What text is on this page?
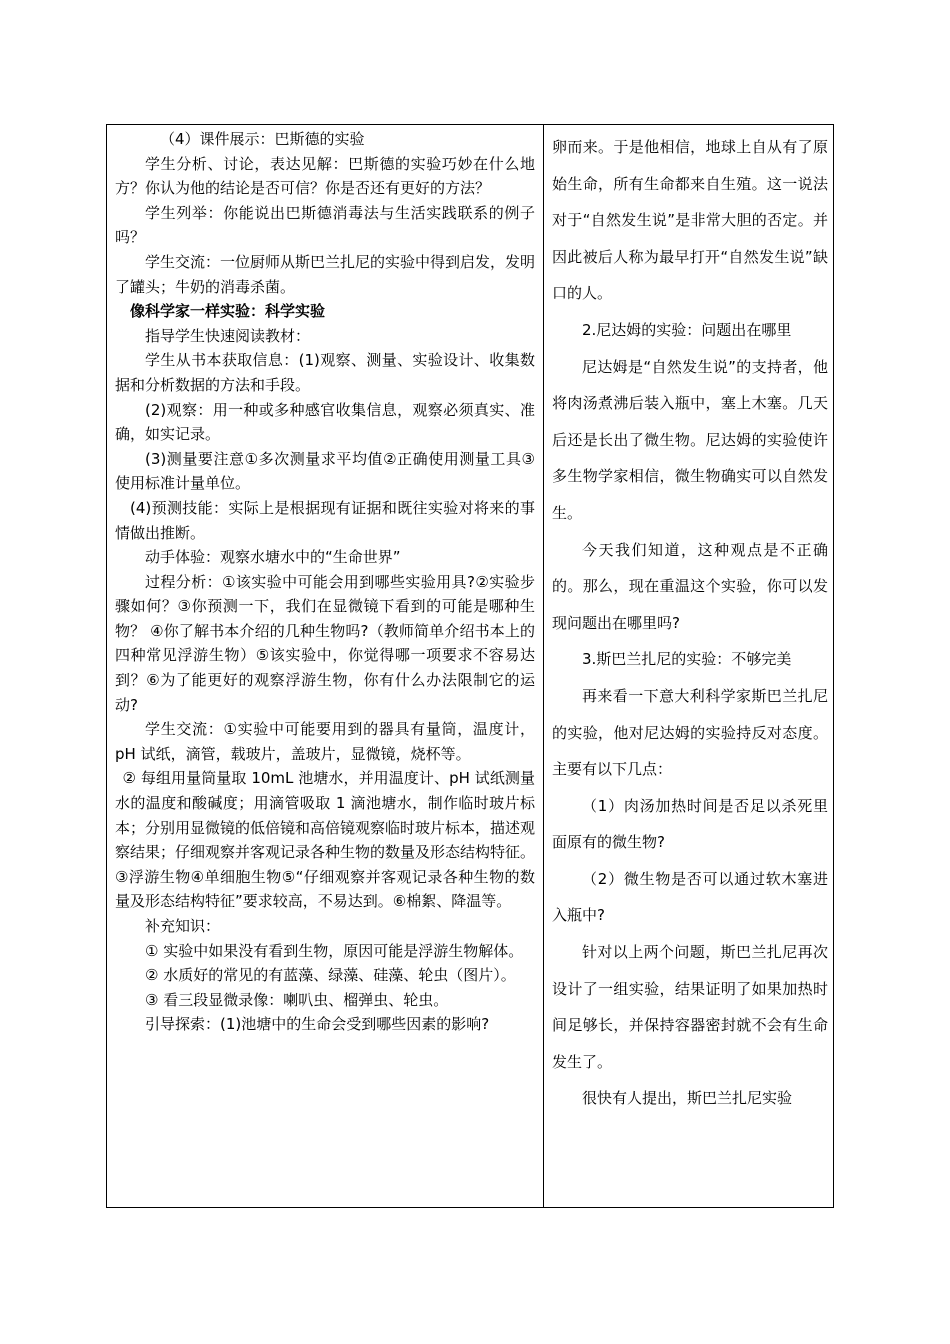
（4）课件展示：巴斯德的实验

学生分析、讨论，表达见解：巴斯德的实验巧妙在什么地方？你认为他的结论是否可信？你是否还有更好的方法？

学生列举：你能说出巴斯德消毒法与生活实践联系的例子吗？

学生交流：一位厨师从斯巴兰扎尼的实验中得到启发，发明了罐头；牛奶的消毒杀菌。

像科学家一样实验：科学实验

指导学生快速阅读教材：

学生从书本获取信息：(1)观察、测量、实验设计、收集数据和分析数据的方法和手段。

(2)观察：用一种或多种感官收集信息，观察必须真实、准确，如实记录。

(3)测量要注意①多次测量求平均值②正确使用测量工具③使用标准计量单位。

(4)预测技能：实际上是根据现有证据和既往实验对将来的事情做出推断。

动手体验：观察水塘水中的“生命世界”

过程分析：①该实验中可能会用到哪些实验用具?②实验步骤如何？③你预测一下，我们在显微镜下看到的可能是哪种生物？ ④你了解书本介绍的几种生物吗?（教师简单介绍书本上的四种常见浮游生物）⑤该实验中，你觉得哪一项要求不容易达到？⑥为了能更好的观察浮游生物，你有什么办法限制它的运动?

学生交流：①实验中可能要用到的器具有量筒，温度计，pH 试纸，滴管，载玻片，盖玻片，显微镜，烧杯等。

② 每组用量筒量取 10mL 池塘水，并用温度计、pH 试纸测量水的温度和酸碱度；用滴管吸取 1 滴池塘水，制作临时玻片标本；分别用显微镜的低倍镜和高倍镜观察临时玻片标本，描述观察结果；仔细观察并客观记录各种生物的数量及形态结构特征。③浮游生物④单细胞生物⑤“仔细观察并客观记录各种生物的数量及形态结构特征”要求较高，不易达到。⑥棉絮、降温等。

补充知识：

① 实验中如果没有看到生物，原因可能是浮游生物解体。

② 水质好的常见的有蓝藻、绿藻、硅藻、轮虫（图片）。

③ 看三段显微录像：喇叭虫、榴弹虫、轮虫。

引导探索：(1)池塘中的生命会受到哪些因素的影响?

卵而来。于是他相信，地球上自从有了原始生命，所有生命都来自生殖。这一说法对于“自然发生说”是非常大胆的否定。并因此被后人称为最早打开“自然发生说”缺口的人。

2.尼达姆的实验：问题出在哪里

尼达姆是“自然发生说”的支持者，他将肉汤煮沸后装入瓶中，塞上木塞。几天后还是长出了微生物。尼达姆的实验使许多生物学家相信，微生物确实可以自然发生。

今天我们知道，这种观点是不正确的。那么，现在重温这个实验，你可以发现问题出在哪里吗?

3.斯巴兰扎尼的实验：不够完美

再来看一下意大利科学家斯巴兰扎尼的实验，他对尼达姆的实验持反对态度。主要有以下几点：

（1）肉汤加热时间是否足以杀死里面原有的微生物?

（2）微生物是否可以通过软木塞进入瓶中?

针对以上两个问题，斯巴兰扎尼再次设计了一组实验，结果证明了如果加热时间足够长，并保持容器密封就不会有生命发生了。

很快有人提出，斯巴兰扎尼实验
